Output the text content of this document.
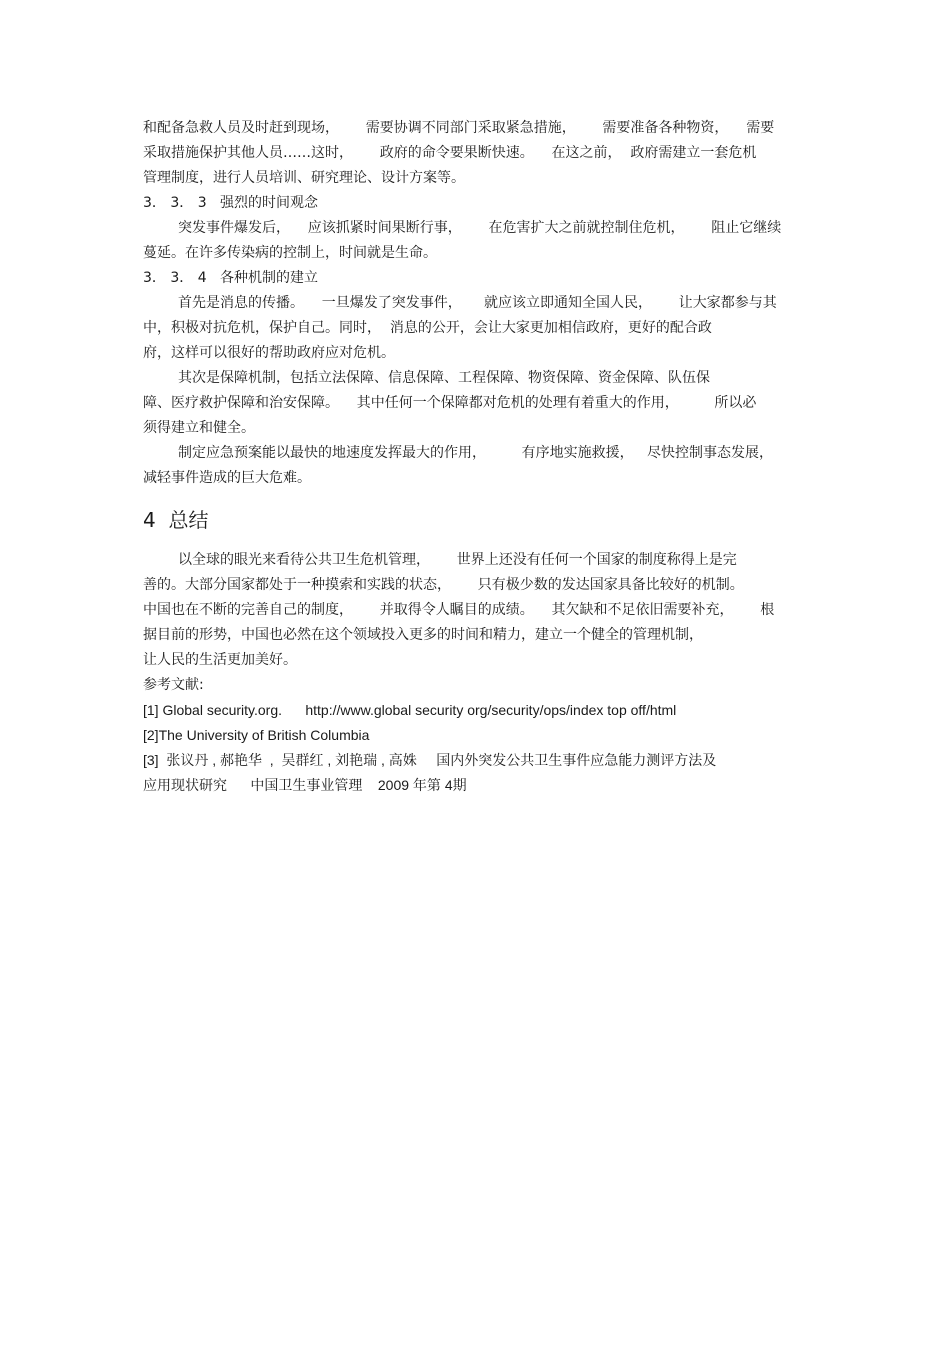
和配备急救人员及时赶到现场，      需要协调不同部门采取紧急措施，      需要准备各种物资，    需要
采取措施保护其他人员……这时，      政府的命令要果断快速。    在这之前，  政府需建立一套危机
管理制度，进行人员培训、研究理论、设计方案等。
3． 3． 3   强烈的时间观念
突发事件爆发后，    应该抓紧时间果断行事，      在危害扩大之前就控制住危机，      阻止它继续
蔓延。在许多传染病的控制上，时间就是生命。
3． 3． 4   各种机制的建立
首先是消息的传播。    一旦爆发了突发事件，     就应该立即通知全国人民，      让大家都参与其
中，积极对抗危机，保护自己。同时，  消息的公开，会让大家更加相信政府，更好的配合政
府，这样可以很好的帮助政府应对危机。
其次是保障机制，包括立法保障、信息保障、工程保障、物资保障、资金保障、队伍保
障、医疗救护保障和治安保障。    其中任何一个保障都对危机的处理有着重大的作用，        所以必
须得建立和健全。
制定应急预案能以最快的地速度发挥最大的作用，        有序地实施救援，   尽快控制事态发展，
减轻事件造成的巨大危难。
4  总结
以全球的眼光来看待公共卫生危机管理，      世界上还没有任何一个国家的制度称得上是完
善的。大部分国家都处于一种摸索和实践的状态，      只有极少数的发达国家具备比较好的机制。
中国也在不断的完善自己的制度，      并取得令人瞩目的成绩。    其欠缺和不足依旧需要补充，      根
据目前的形势，中国也必然在这个领域投入更多的时间和精力，建立一个健全的管理机制，
让人民的生活更加美好。
参考文献:
[1] Global security.org.      http://www.global security org/security/ops/index top off/html
[2]The University of British Columbia
[3]  张议丹 , 郝艳华  ,  吴群红 , 刘艳瑞 , 高姝     国内外突发公共卫生事件应急能力测评方法及
应用现状研究      中国卫生事业管理    2009 年第 4期
